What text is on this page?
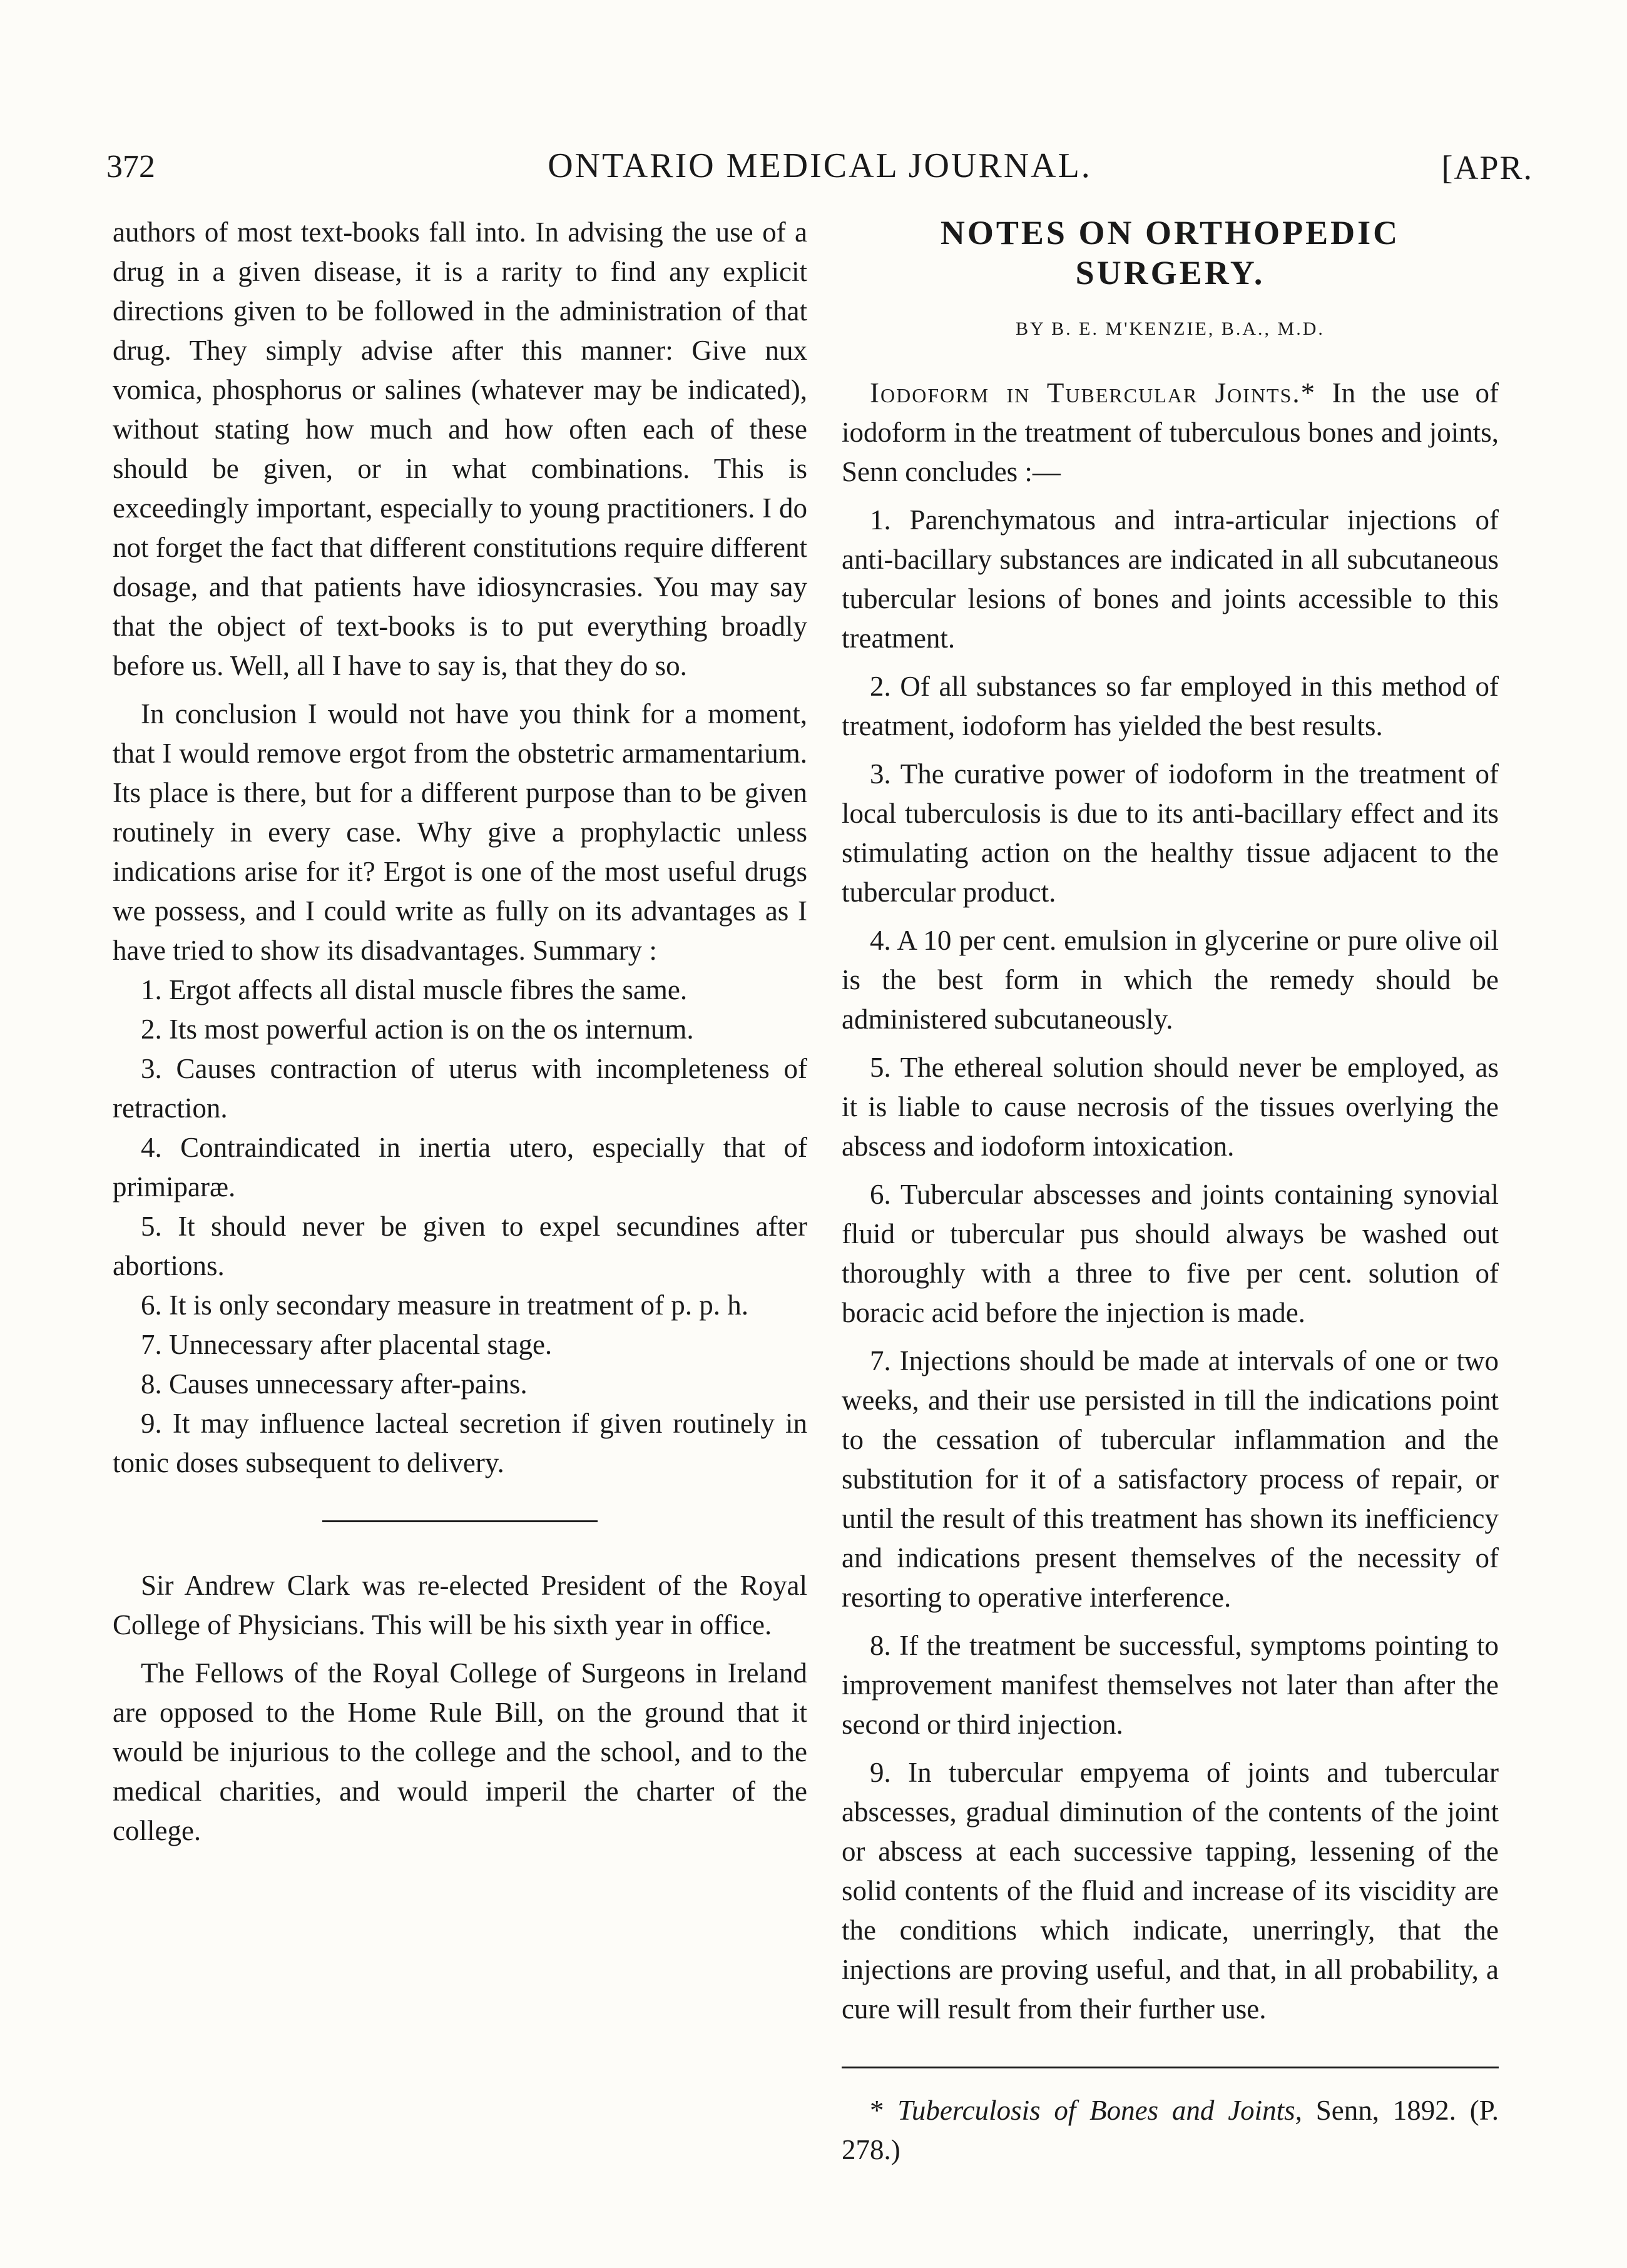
372	ONTARIO MEDICAL JOURNAL.	[APR.

authors of most text-books fall into. In advising the use of a drug in a given disease, it is a rarity to find any explicit directions given to be followed in the administration of that drug. They simply advise after this manner: Give nux vomica, phosphorus or salines (whatever may be indicated), without stating how much and how often each of these should be given, or in what combinations. This is exceedingly important, especially to young practitioners. I do not forget the fact that different constitutions require different dosage, and that patients have idiosyncrasies. You may say that the object of text-books is to put everything broadly before us. Well, all I have to say is, that they do so.

In conclusion I would not have you think for a moment, that I would remove ergot from the obstetric armamentarium. Its place is there, but for a different purpose than to be given routinely in every case. Why give a prophylactic unless indications arise for it? Ergot is one of the most useful drugs we possess, and I could write as fully on its advantages as I have tried to show its disadvantages. Summary :

1. Ergot affects all distal muscle fibres the same.

2. Its most powerful action is on the os internum.

3. Causes contraction of uterus with incompleteness of retraction.

4. Contraindicated in inertia utero, especially that of primiparæ.

5. It should never be given to expel secundines after abortions.

6. It is only secondary measure in treatment of p. p. h.

7. Unnecessary after placental stage.

8. Causes unnecessary after-pains.

9. It may influence lacteal secretion if given routinely in tonic doses subsequent to delivery.

Sir Andrew Clark was re-elected President of the Royal College of Physicians. This will be his sixth year in office.

The Fellows of the Royal College of Surgeons in Ireland are opposed to the Home Rule Bill, on the ground that it would be injurious to the college and the school, and to the medical charities, and would imperil the charter of the college.

NOTES ON ORTHOPEDIC SURGERY.
BY B. E. M'KENZIE, B.A., M.D.

Iodoform in Tubercular Joints.* In the use of iodoform in the treatment of tuberculous bones and joints, Senn concludes :—

1. Parenchymatous and intra-articular injections of anti-bacillary substances are indicated in all subcutaneous tubercular lesions of bones and joints accessible to this treatment.

2. Of all substances so far employed in this method of treatment, iodoform has yielded the best results.

3. The curative power of iodoform in the treatment of local tuberculosis is due to its anti-bacillary effect and its stimulating action on the healthy tissue adjacent to the tubercular product.

4. A 10 per cent. emulsion in glycerine or pure olive oil is the best form in which the remedy should be administered subcutaneously.

5. The ethereal solution should never be employed, as it is liable to cause necrosis of the tissues overlying the abscess and iodoform intoxication.

6. Tubercular abscesses and joints containing synovial fluid or tubercular pus should always be washed out thoroughly with a three to five per cent. solution of boracic acid before the injection is made.

7. Injections should be made at intervals of one or two weeks, and their use persisted in till the indications point to the cessation of tubercular inflammation and the substitution for it of a satisfactory process of repair, or until the result of this treatment has shown its inefficiency and indications present themselves of the necessity of resorting to operative interference.

8. If the treatment be successful, symptoms pointing to improvement manifest themselves not later than after the second or third injection.

9. In tubercular empyema of joints and tubercular abscesses, gradual diminution of the contents of the joint or abscess at each successive tapping, lessening of the solid contents of the fluid and increase of its viscidity are the conditions which indicate, unerringly, that the injections are proving useful, and that, in all probability, a cure will result from their further use.

* Tuberculosis of Bones and Joints, Senn, 1892. (P. 278.)
